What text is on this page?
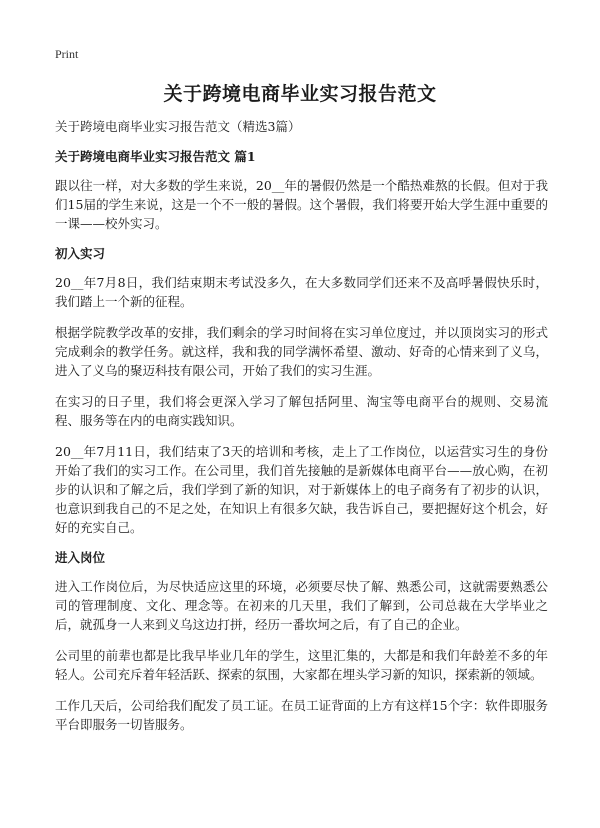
Print
关于跨境电商毕业实习报告范文

关于跨境电商毕业实习报告范文（精选3篇）

关于跨境电商毕业实习报告范文 篇1

跟以往一样，对大多数的学生来说，20__年的暑假仍然是一个酷热难熬的长假。但对于我们15届的学生来说，这是一个不一般的暑假。这个暑假，我们将要开始大学生涯中重要的一课——校外实习。

初入实习

20__年7月8日，我们结束期末考试没多久，在大多数同学们还来不及高呼暑假快乐时，我们踏上一个新的征程。

根据学院教学改革的安排，我们剩余的学习时间将在实习单位度过，并以顶岗实习的形式完成剩余的教学任务。就这样，我和我的同学满怀希望、激动、好奇的心情来到了义乌，进入了义乌的聚迈科技有限公司，开始了我们的实习生涯。

在实习的日子里，我们将会更深入学习了解包括阿里、淘宝等电商平台的规则、交易流程、服务等在内的电商实践知识。

20__年7月11日，我们结束了3天的培训和考核，走上了工作岗位，以运营实习生的身份开始了我们的实习工作。在公司里，我们首先接触的是新媒体电商平台——放心购，在初步的认识和了解之后，我们学到了新的知识，对于新媒体上的电子商务有了初步的认识，也意识到我自己的不足之处，在知识上有很多欠缺，我告诉自己，要把握好这个机会，好好的充实自己。

进入岗位

进入工作岗位后，为尽快适应这里的环境，必须要尽快了解、熟悉公司，这就需要熟悉公司的管理制度、文化、理念等。在初来的几天里，我们了解到，公司总裁在大学毕业之后，就孤身一人来到义乌这边打拼，经历一番坎坷之后，有了自己的企业。

公司里的前辈也都是比我早毕业几年的学生，这里汇集的，大都是和我们年龄差不多的年轻人。公司充斥着年轻活跃、探索的氛围，大家都在埋头学习新的知识，探索新的领域。

工作几天后，公司给我们配发了员工证。在员工证背面的上方有这样15个字：软件即服务平台即服务一切皆服务。
